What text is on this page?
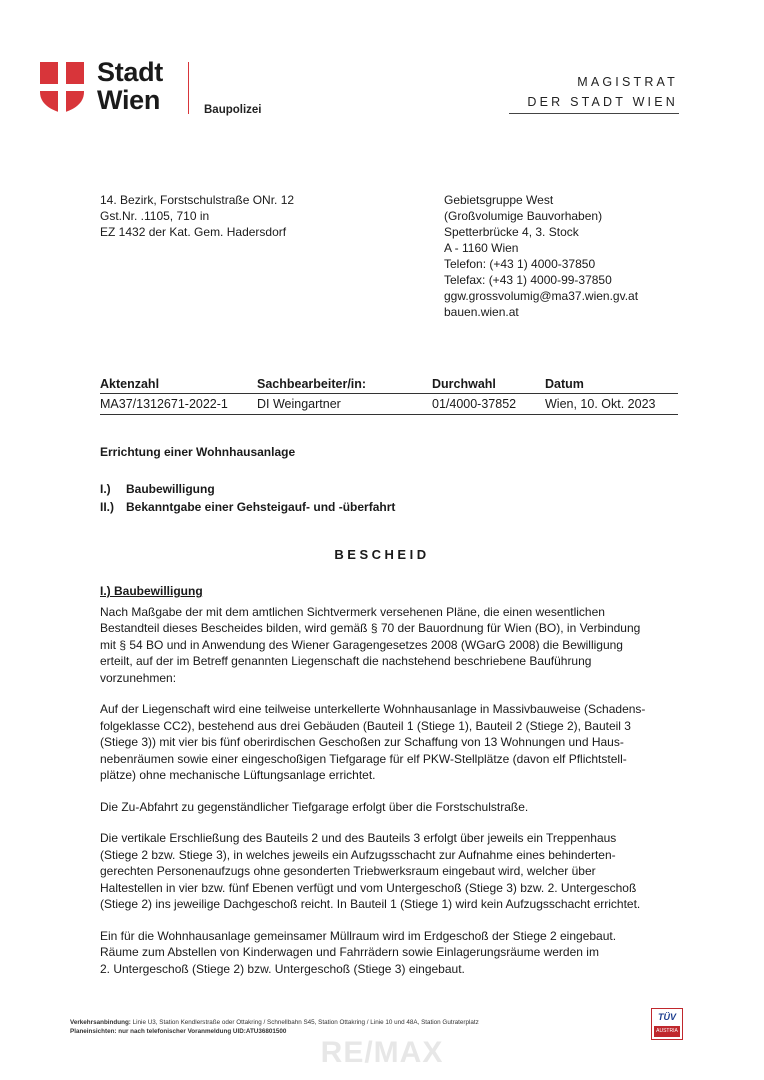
Stadt
Wien	Baupolizei
MAGISTRAT
DER STADT WIEN
14. Bezirk, Forstschulstraße ONr. 12
Gst.Nr. .1105, 710 in
EZ 1432 der Kat. Gem. Hadersdorf
Gebietsgruppe West
(Großvolumige Bauvorhaben)
Spetterbrücke 4, 3. Stock
A - 1160 Wien
Telefon: (+43 1) 4000-37850
Telefax: (+43 1) 4000-99-37850
ggw.grossvolumig@ma37.wien.gv.at
bauen.wien.at
Aktenzahl	Sachbearbeiter/in:	Durchwahl	Datum
MA37/1312671-2022-1	DI Weingartner	01/4000-37852	Wien, 10. Okt. 2023
Errichtung einer Wohnhausanlage
I.) Baubewilligung
II.) Bekanntgabe einer Gehsteigauf- und -überfahrt
BESCHEID
I.) Baubewilligung

Nach Maßgabe der mit dem amtlichen Sichtvermerk versehenen Pläne, die einen wesentlichen
Bestandteil dieses Bescheides bilden, wird gemäß § 70 der Bauordnung für Wien (BO), in Verbindung
mit § 54 BO und in Anwendung des Wiener Garagengesetzes 2008 (WGarG 2008) die Bewilligung
erteilt, auf der im Betreff genannten Liegenschaft die nachstehend beschriebene Bauführung
vorzunehmen:

Auf der Liegenschaft wird eine teilweise unterkellerte Wohnhausanlage in Massivbauweise (Schadens-
folgeklasse CC2), bestehend aus drei Gebäuden (Bauteil 1 (Stiege 1), Bauteil 2 (Stiege 2), Bauteil 3
(Stiege 3)) mit vier bis fünf oberirdischen Geschoßen zur Schaffung von 13 Wohnungen und Haus-
nebenräumen sowie einer eingeschoßigen Tiefgarage für elf PKW-Stellplätze (davon elf Pflichtstell-
plätze) ohne mechanische Lüftungsanlage errichtet.

Die Zu-Abfahrt zu gegenständlicher Tiefgarage erfolgt über die Forstschulstraße.

Die vertikale Erschließung des Bauteils 2 und des Bauteils 3 erfolgt über jeweils ein Treppenhaus
(Stiege 2 bzw. Stiege 3), in welches jeweils ein Aufzugsschacht zur Aufnahme eines behinderten-
gerechten Personenaufzugs ohne gesonderten Triebwerksraum eingebaut wird, welcher über
Haltestellen in vier bzw. fünf Ebenen verfügt und vom Untergeschoß (Stiege 3) bzw. 2. Untergeschoß
(Stiege 2) ins jeweilige Dachgeschoß reicht. In Bauteil 1 (Stiege 1) wird kein Aufzugsschacht errichtet.

Ein für die Wohnhausanlage gemeinsamer Müllraum wird im Erdgeschoß der Stiege 2 eingebaut.
Räume zum Abstellen von Kinderwagen und Fahrrädern sowie Einlagerungsräume werden im
2. Untergeschoß (Stiege 2) bzw. Untergeschoß (Stiege 3) eingebaut.

Verkehrsanbindung: Linie U3, Station Kendlerstraße oder Ottakring / Schnellbahn S45, Station Ottakring / Linie 10 und 48A, Station Gutraterplatz
Planeinsichten: nur nach telefonischer Voranmeldung UID:ATU36801500
TÜV
AUSTRIA
RE/MAX
